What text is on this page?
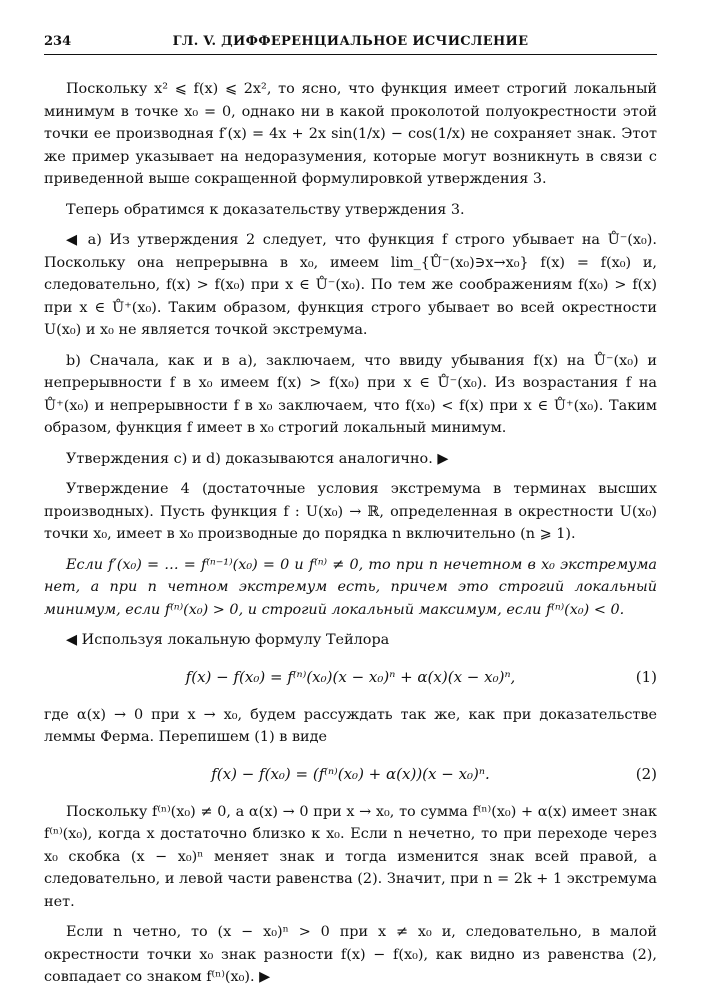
234	ГЛ. V. ДИФФЕРЕНЦИАЛЬНОЕ ИСЧИСЛЕНИЕ

Поскольку x² ⩽ f(x) ⩽ 2x², то ясно, что функция имеет строгий локальный минимум в точке x₀ = 0, однако ни в какой проколотой полуокрестности этой точки ее производная f′(x) = 4x + 2x sin(1/x) − cos(1/x) не сохраняет знак. Этот же пример указывает на недоразумения, которые могут возникнуть в связи с приведенной выше сокращенной формулировкой утверждения 3.

Теперь обратимся к доказательству утверждения 3.

◀ a) Из утверждения 2 следует, что функция f строго убывает на Ů⁻(x₀). Поскольку она непрерывна в x₀, имеем lim_{Ů⁻(x₀)∋x→x₀} f(x) = f(x₀) и, следовательно, f(x) > f(x₀) при x ∈ Ů⁻(x₀). По тем же соображениям f(x₀) > f(x) при x ∈ Ů⁺(x₀). Таким образом, функция строго убывает во всей окрестности U(x₀) и x₀ не является точкой экстремума.

b) Сначала, как и в a), заключаем, что ввиду убывания f(x) на Ů⁻(x₀) и непрерывности f в x₀ имеем f(x) > f(x₀) при x ∈ Ů⁻(x₀). Из возрастания f на Ů⁺(x₀) и непрерывности f в x₀ заключаем, что f(x₀) < f(x) при x ∈ Ů⁺(x₀). Таким образом, функция f имеет в x₀ строгий локальный минимум.

Утверждения c) и d) доказываются аналогично. ▶

Утверждение 4 (достаточные условия экстремума в терминах высших производных). Пусть функция f : U(x₀) → ℝ, определенная в окрестности U(x₀) точки x₀, имеет в x₀ производные до порядка n включительно (n ⩾ 1).

Если f′(x₀) = … = f⁽ⁿ⁻¹⁾(x₀) = 0 и f⁽ⁿ⁾ ≠ 0, то при n нечетном в x₀ экстремума нет, а при n четном экстремум есть, причем это строгий локальный минимум, если f⁽ⁿ⁾(x₀) > 0, и строгий локальный максимум, если f⁽ⁿ⁾(x₀) < 0.

◀ Используя локальную формулу Тейлора

f(x) − f(x₀) = f⁽ⁿ⁾(x₀)(x − x₀)ⁿ + α(x)(x − x₀)ⁿ,	(1)

где α(x) → 0 при x → x₀, будем рассуждать так же, как при доказательстве леммы Ферма. Перепишем (1) в виде

f(x) − f(x₀) = (f⁽ⁿ⁾(x₀) + α(x))(x − x₀)ⁿ.	(2)

Поскольку f⁽ⁿ⁾(x₀) ≠ 0, а α(x) → 0 при x → x₀, то сумма f⁽ⁿ⁾(x₀) + α(x) имеет знак f⁽ⁿ⁾(x₀), когда x достаточно близко к x₀. Если n нечетно, то при переходе через x₀ скобка (x − x₀)ⁿ меняет знак и тогда изменится знак всей правой, а следовательно, и левой части равенства (2). Значит, при n = 2k + 1 экстремума нет.

Если n четно, то (x − x₀)ⁿ > 0 при x ≠ x₀ и, следовательно, в малой окрестности точки x₀ знак разности f(x) − f(x₀), как видно из равенства (2), совпадает со знаком f⁽ⁿ⁾(x₀). ▶
